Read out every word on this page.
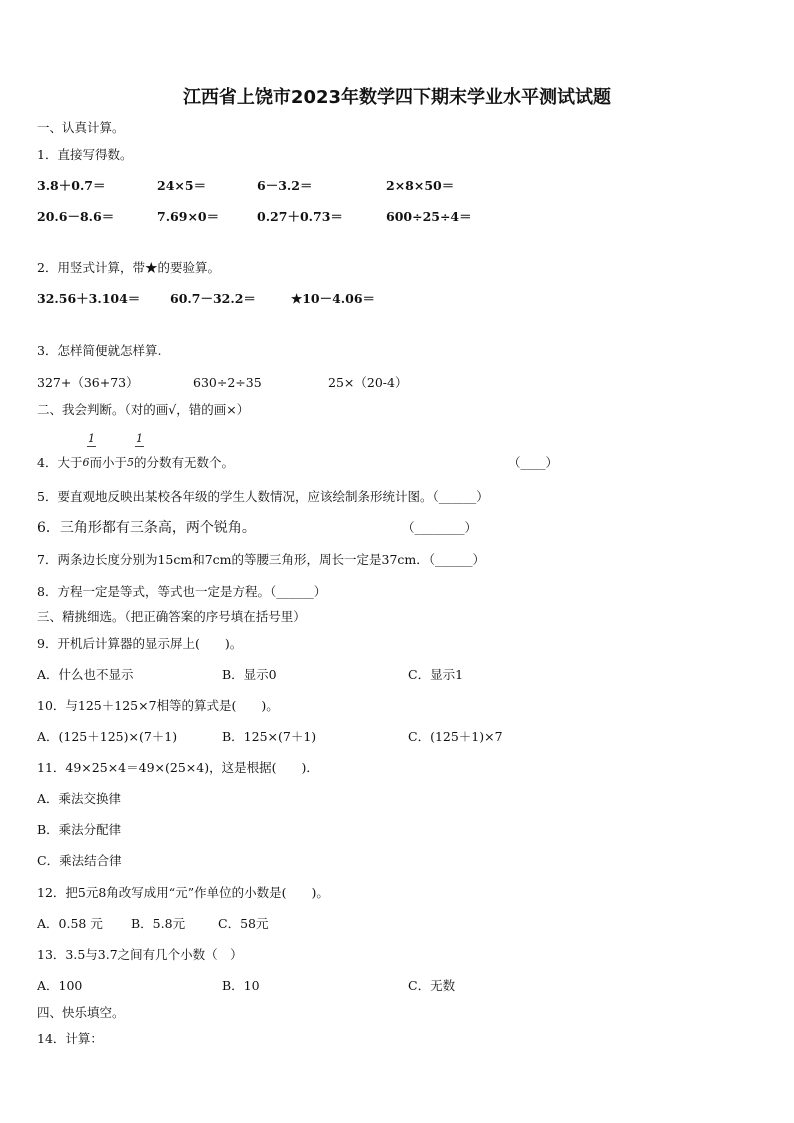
江西省上饶市2023年数学四下期末学业水平测试试题
一、认真计算。
1．直接写得数。
3.8＋0.7＝	24×5＝	6－3.2＝	2×8×50＝
20.6－8.6＝	7.69×0＝	0.27＋0.73＝	600÷25÷4＝
2．用竖式计算，带★的要验算。
32.56＋3.104＝ 60.7－32.2＝	★10－4.06＝
3．怎样简便就怎样算.
327+（36+73）	630÷2÷35	25×（20-4）
二、我会判断。（对的画√，错的画×）
1
4．大于6而小于5的分数有无数个。
1
（____）
5．要直观地反映出某校各年级的学生人数情况，应该绘制条形统计图。（______）
6．三角形都有三条高，两个锐角。	（________）
7．两条边长度分别为15cm和7cm的等腰三角形，周长一定是37cm．（______）
8．方程一定是等式，等式也一定是方程。（______）
三、精挑细选。（把正确答案的序号填在括号里）
9．开机后计算器的显示屏上(　　)。
A．什么也不显示	B．显示0	C．显示1
10．与125＋125×7相等的算式是(　　)。
A．(125＋125)×(7＋1)	B．125×(7＋1)	C．(125＋1)×7
11．49×25×4＝49×(25×4)，这是根据(　　)．
A．乘法交换律
B．乘法分配律
C．乘法结合律
12．把5元8角改写成用“元”作单位的小数是(　　)。
A．0.58 元 B．5.8元	C．58元
13．3.5与3.7之间有几个小数（　）
A．100	B．10	C．无数
四、快乐填空。
14．计算：
